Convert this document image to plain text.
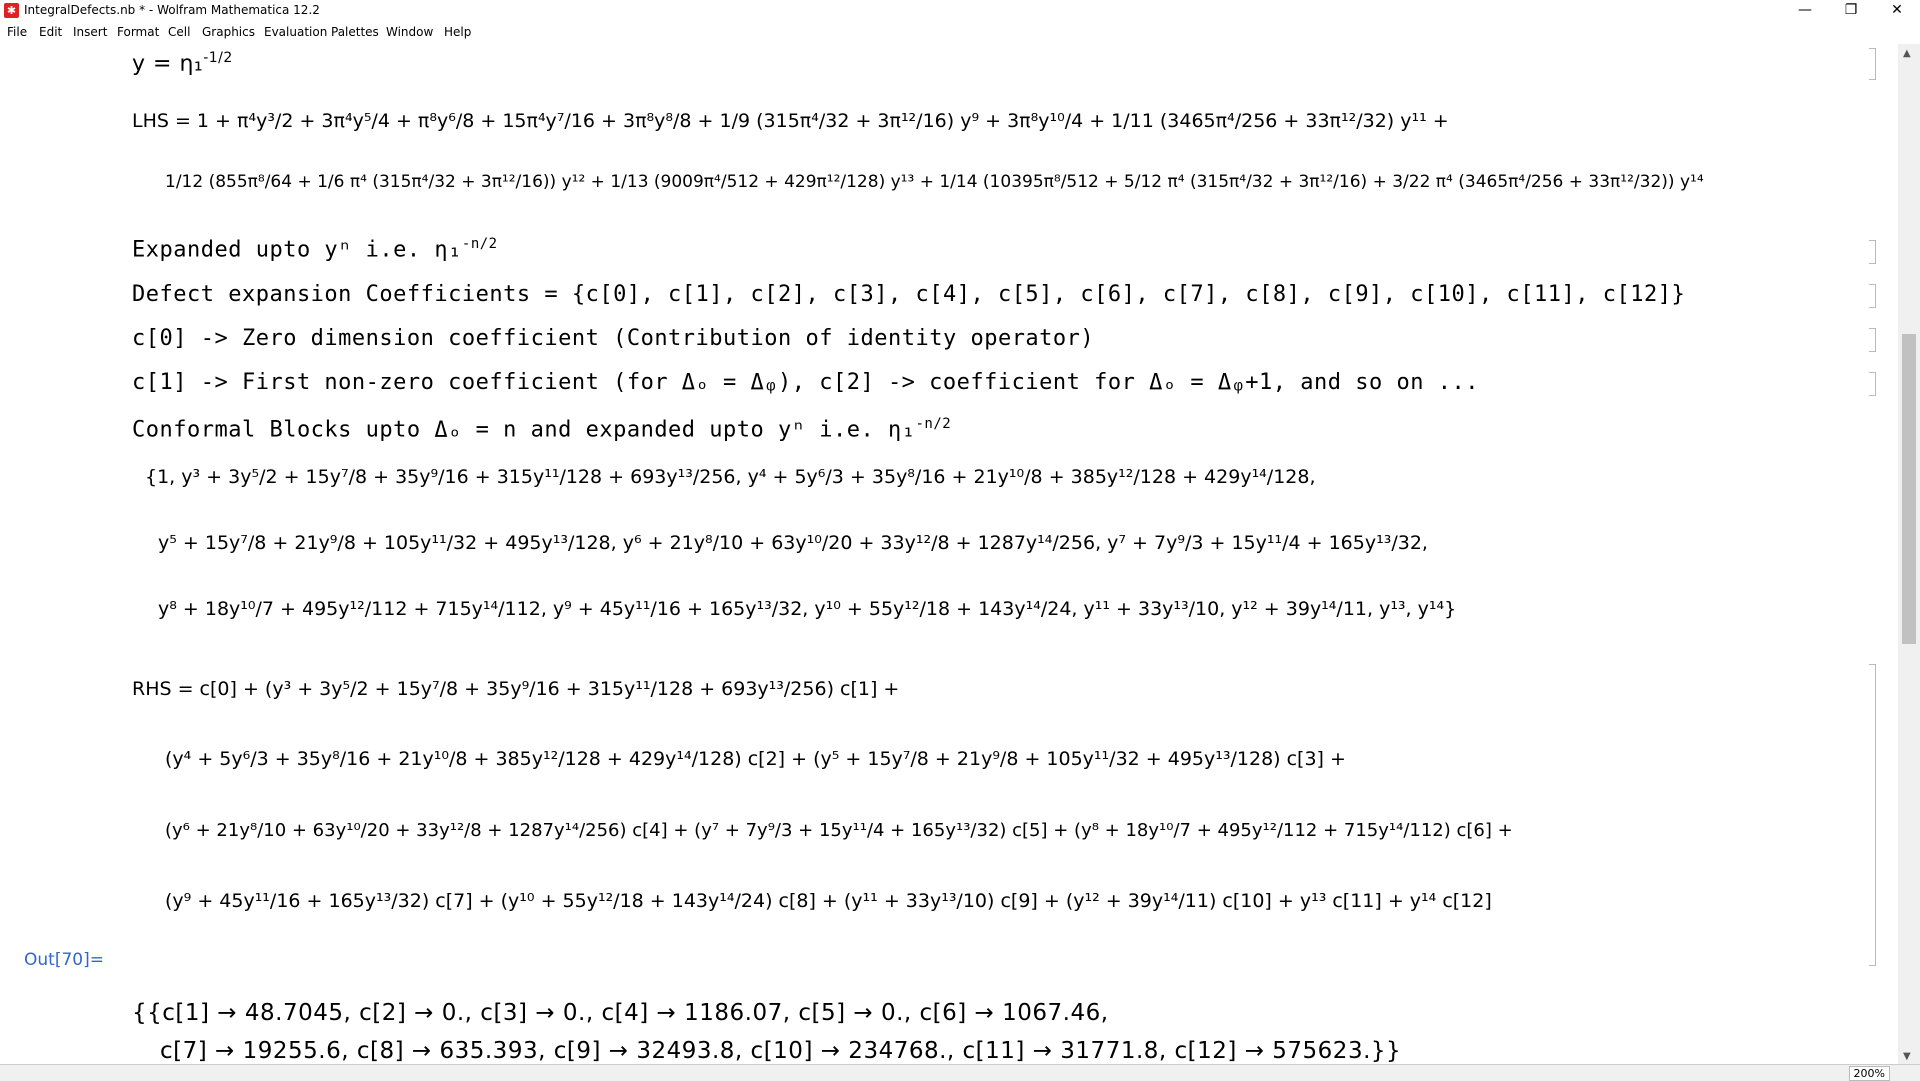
✱ IntegralDefects.nb * - Wolfram Mathematica 12.2	—	❐	✕
File Edit Insert Format Cell Graphics Evaluation Palettes Window Help
y = η₁$^{-1/2}$
LHS = 1 + π⁴y³/2 + 3π⁴y⁵/4 + π⁸y⁶/8 + 15π⁴y⁷/16 + 3π⁸y⁸/8 + 1/9 (315π⁴/32 + 3π¹²/16) y⁹ + 3π⁸y¹⁰/4 + 1/11 (3465π⁴/256 + 33π¹²/32) y¹¹ +
1/12 (855π⁸/64 + 1/6 π⁴ (315π⁴/32 + 3π¹²/16)) y¹² + 1/13 (9009π⁴/512 + 429π¹²/128) y¹³ + 1/14 (10395π⁸/512 + 5/12 π⁴ (315π⁴/32 + 3π¹²/16) + 3/22 π⁴ (3465π⁴/256 + 33π¹²/32)) y¹⁴
Expanded upto yⁿ i.e. η₁$^{-n/2}$
Defect expansion Coefficients = {c[0], c[1], c[2], c[3], c[4], c[5], c[6], c[7], c[8], c[9], c[10], c[11], c[12]}
c[0] -> Zero dimension coefficient (Contribution of identity operator)
c[1] -> First non-zero coefficient (for Δₒ = Δᵩ), c[2] -> coefficient for Δₒ = Δᵩ+1, and so on ...
Conformal Blocks upto Δₒ = n and expanded upto yⁿ i.e. η₁$^{-n/2}$
{1, y³ + 3y⁵/2 + 15y⁷/8 + 35y⁹/16 + 315y¹¹/128 + 693y¹³/256, y⁴ + 5y⁶/3 + 35y⁸/16 + 21y¹⁰/8 + 385y¹²/128 + 429y¹⁴/128,
y⁵ + 15y⁷/8 + 21y⁹/8 + 105y¹¹/32 + 495y¹³/128, y⁶ + 21y⁸/10 + 63y¹⁰/20 + 33y¹²/8 + 1287y¹⁴/256, y⁷ + 7y⁹/3 + 15y¹¹/4 + 165y¹³/32,
y⁸ + 18y¹⁰/7 + 495y¹²/112 + 715y¹⁴/112, y⁹ + 45y¹¹/16 + 165y¹³/32, y¹⁰ + 55y¹²/18 + 143y¹⁴/24, y¹¹ + 33y¹³/10, y¹² + 39y¹⁴/11, y¹³, y¹⁴}
RHS = c[0] + (y³ + 3y⁵/2 + 15y⁷/8 + 35y⁹/16 + 315y¹¹/128 + 693y¹³/256) c[1] +
(y⁴ + 5y⁶/3 + 35y⁸/16 + 21y¹⁰/8 + 385y¹²/128 + 429y¹⁴/128) c[2] + (y⁵ + 15y⁷/8 + 21y⁹/8 + 105y¹¹/32 + 495y¹³/128) c[3] +
(y⁶ + 21y⁸/10 + 63y¹⁰/20 + 33y¹²/8 + 1287y¹⁴/256) c[4] + (y⁷ + 7y⁹/3 + 15y¹¹/4 + 165y¹³/32) c[5] + (y⁸ + 18y¹⁰/7 + 495y¹²/112 + 715y¹⁴/112) c[6] +
(y⁹ + 45y¹¹/16 + 165y¹³/32) c[7] + (y¹⁰ + 55y¹²/18 + 143y¹⁴/24) c[8] + (y¹¹ + 33y¹³/10) c[9] + (y¹² + 39y¹⁴/11) c[10] + y¹³ c[11] + y¹⁴ c[12]
{{c[1] → 48.7045, c[2] → 0., c[3] → 0., c[4] → 1186.07, c[5] → 0., c[6] → 1067.46,
c[7] → 19255.6, c[8] → 635.393, c[9] → 32493.8, c[10] → 234768., c[11] → 31771.8, c[12] → 575623.}}
Out[70]=
▲
▼
200%
